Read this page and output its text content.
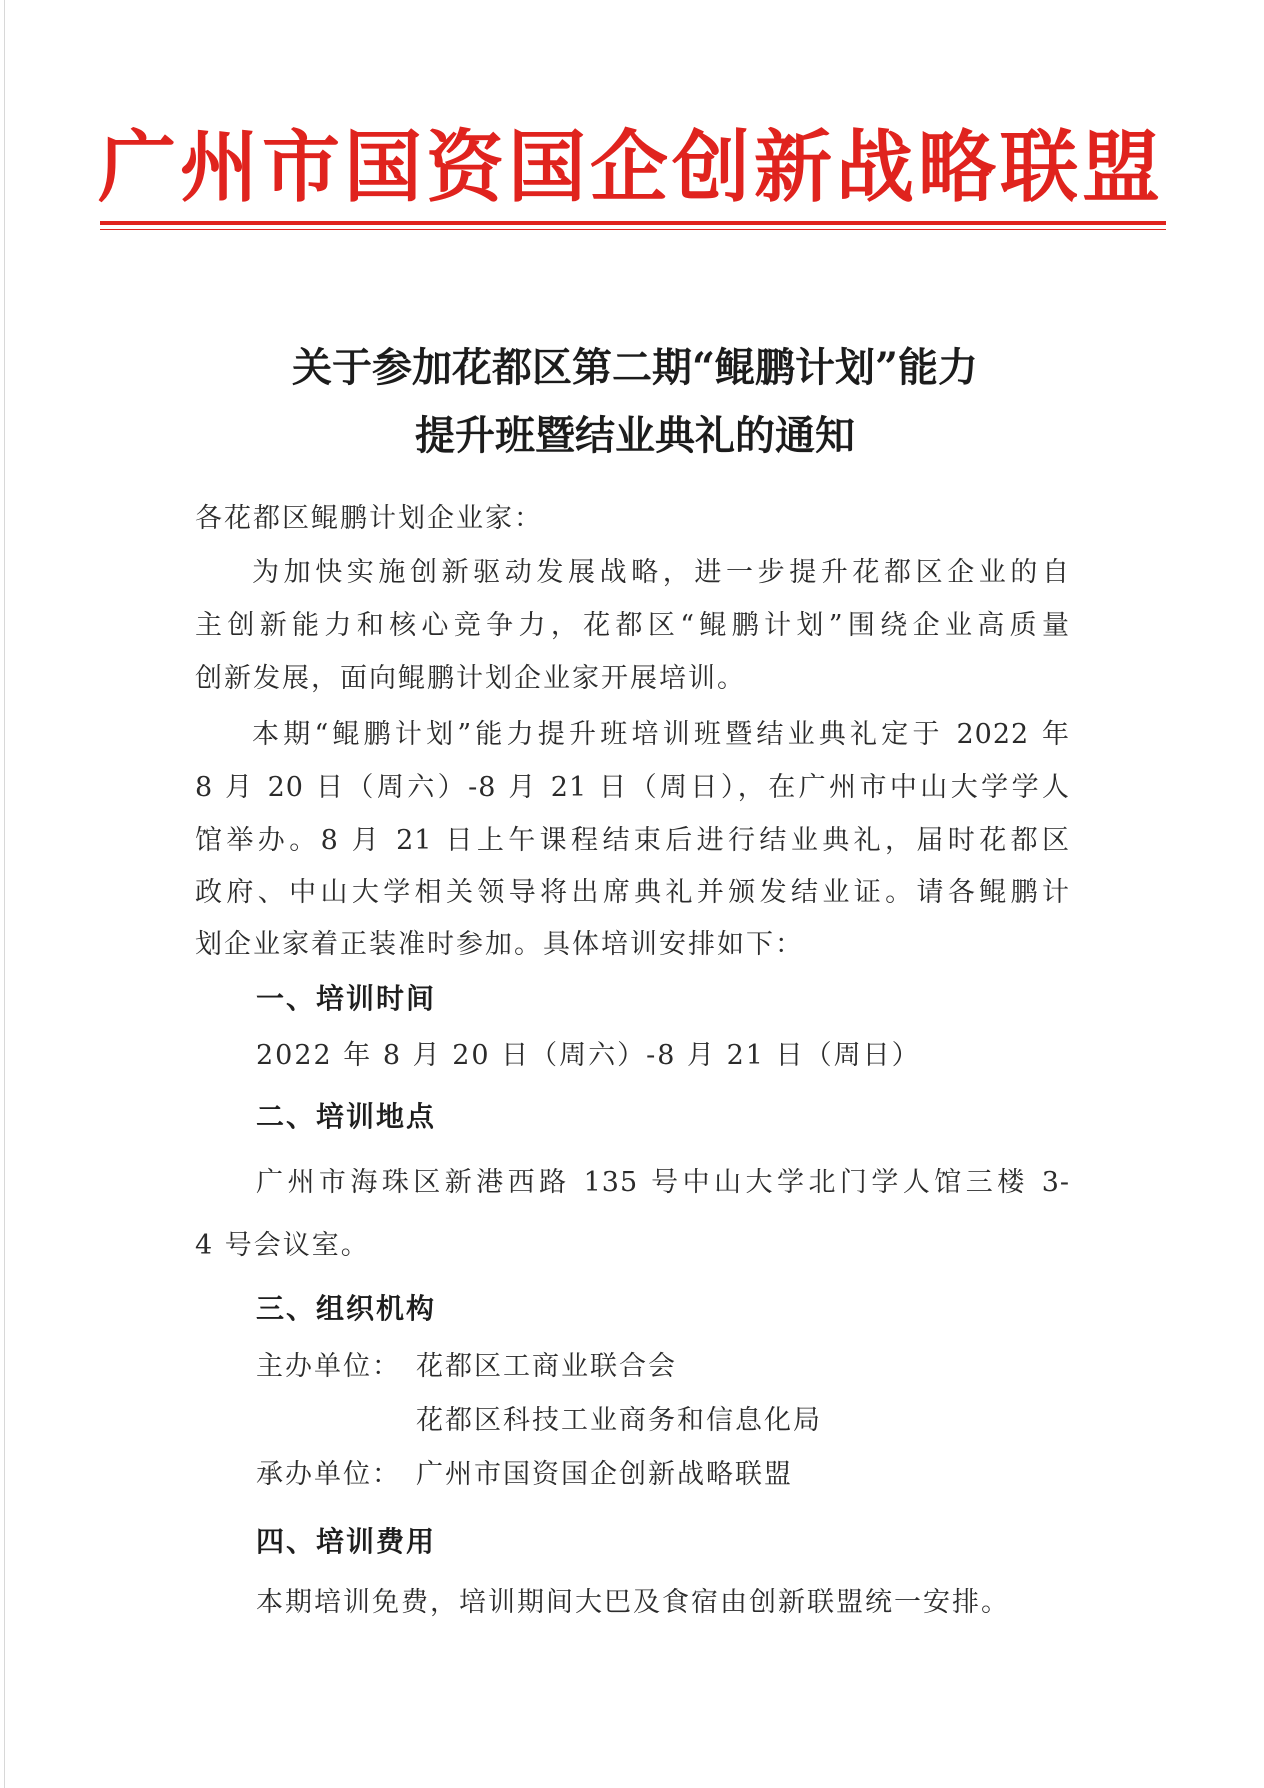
广州市国资国企创新战略联盟
关于参加花都区第二期“鲲鹏计划”能力
提升班暨结业典礼的通知
各花都区鲲鹏计划企业家：
为加快实施创新驱动发展战略，进一步提升花都区企业的自
主创新能力和核心竞争力，花都区“鲲鹏计划”围绕企业高质量
创新发展，面向鲲鹏计划企业家开展培训。
本期“鲲鹏计划”能力提升班培训班暨结业典礼定于 2022 年
8 月 20 日（周六）-8 月 21 日（周日），在广州市中山大学学人
馆举办。8 月 21 日上午课程结束后进行结业典礼，届时花都区
政府、中山大学相关领导将出席典礼并颁发结业证。请各鲲鹏计
划企业家着正装准时参加。具体培训安排如下：
一、培训时间
2022 年 8 月 20 日（周六）-8 月 21 日（周日）
二、培训地点
广州市海珠区新港西路 135 号中山大学北门学人馆三楼 3-
4 号会议室。
三、组织机构
主办单位： 花都区工商业联合会
花都区科技工业商务和信息化局
承办单位： 广州市国资国企创新战略联盟
四、培训费用
本期培训免费，培训期间大巴及食宿由创新联盟统一安排。
